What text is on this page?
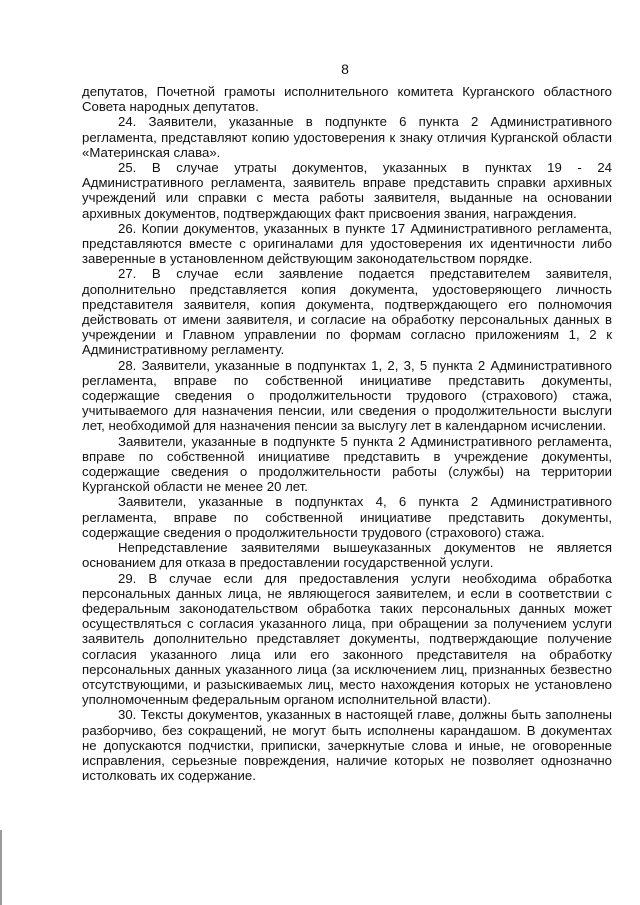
8

депутатов, Почетной грамоты исполнительного комитета Курганского областного Совета народных депутатов.

24. Заявители, указанные в подпункте 6 пункта 2 Административного регламента, представляют копию удостоверения к знаку отличия Курганской области «Материнская слава».

25. В случае утраты документов, указанных в пунктах 19 - 24 Административного регламента, заявитель вправе представить справки архивных учреждений или справки с места работы заявителя, выданные на основании архивных документов, подтверждающих факт присвоения звания, награждения.

26. Копии документов, указанных в пункте 17 Административного регламента, представляются вместе с оригиналами для удостоверения их идентичности либо заверенные в установленном действующим законодательством порядке.

27. В случае если заявление подается представителем заявителя, дополнительно представляется копия документа, удостоверяющего личность представителя заявителя, копия документа, подтверждающего его полномочия действовать от имени заявителя, и согласие на обработку персональных данных в учреждении и Главном управлении по формам согласно приложениям 1, 2 к Административному регламенту.

28. Заявители, указанные в подпунктах 1, 2, 3, 5 пункта 2 Административного регламента, вправе по собственной инициативе представить документы, содержащие сведения о продолжительности трудового (страхового) стажа, учитываемого для назначения пенсии, или сведения о продолжительности выслуги лет, необходимой для назначения пенсии за выслугу лет в календарном исчислении.

Заявители, указанные в подпункте 5 пункта 2 Административного регламента, вправе по собственной инициативе представить в учреждение документы, содержащие сведения о продолжительности работы (службы) на территории Курганской области не менее 20 лет.

Заявители, указанные в подпунктах 4, 6 пункта 2 Административного регламента, вправе по собственной инициативе представить документы, содержащие сведения о продолжительности трудового (страхового) стажа.

Непредставление заявителями вышеуказанных документов не является основанием для отказа в предоставлении государственной услуги.

29. В случае если для предоставления услуги необходима обработка персональных данных лица, не являющегося заявителем, и если в соответствии с федеральным законодательством обработка таких персональных данных может осуществляться с согласия указанного лица, при обращении за получением услуги заявитель дополнительно представляет документы, подтверждающие получение согласия указанного лица или его законного представителя на обработку персональных данных указанного лица (за исключением лиц, признанных безвестно отсутствующими, и разыскиваемых лиц, место нахождения которых не установлено уполномоченным федеральным органом исполнительной власти).

30. Тексты документов, указанных в настоящей главе, должны быть заполнены разборчиво, без сокращений, не могут быть исполнены карандашом. В документах не допускаются подчистки, приписки, зачеркнутые слова и иные, не оговоренные исправления, серьезные повреждения, наличие которых не позволяет однозначно истолковать их содержание.
